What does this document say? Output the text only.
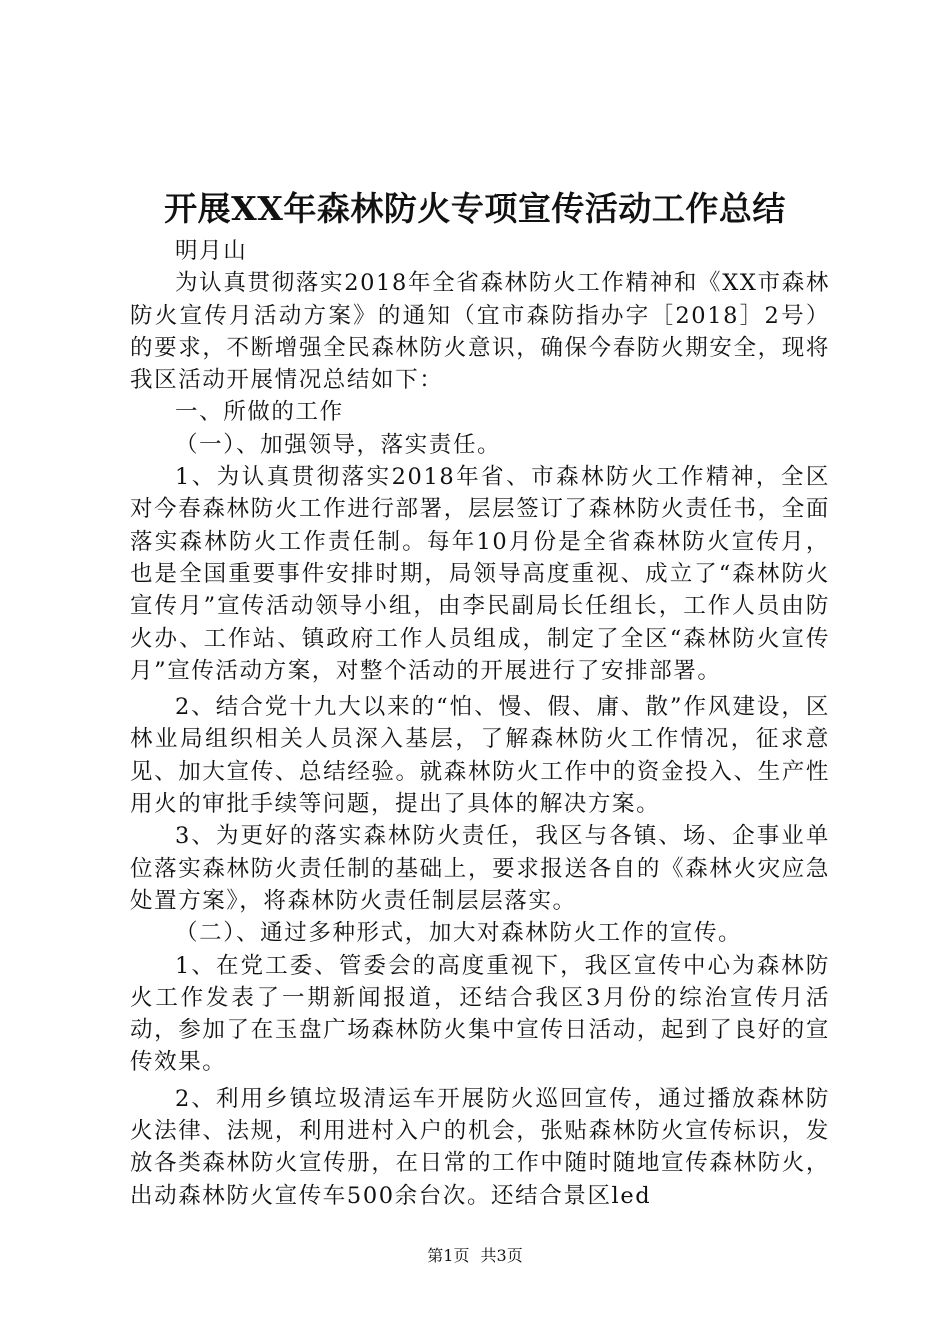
开展XX年森林防火专项宣传活动工作总结

明月山

为认真贯彻落实2018年全省森林防火工作精神和《XX市森林防火宣传月活动方案》的通知（宜市森防指办字［2018］2号）的要求，不断增强全民森林防火意识，确保今春防火期安全，现将我区活动开展情况总结如下：

一、所做的工作

（一）、加强领导，落实责任。

1、为认真贯彻落实2018年省、市森林防火工作精神，全区对今春森林防火工作进行部署，层层签订了森林防火责任书，全面落实森林防火工作责任制。每年10月份是全省森林防火宣传月，也是全国重要事件安排时期，局领导高度重视、成立了“森林防火宣传月”宣传活动领导小组，由李民副局长任组长，工作人员由防火办、工作站、镇政府工作人员组成，制定了全区“森林防火宣传月”宣传活动方案，对整个活动的开展进行了安排部署。

2、结合党十九大以来的“怕、慢、假、庸、散”作风建设，区林业局组织相关人员深入基层，了解森林防火工作情况，征求意见、加大宣传、总结经验。就森林防火工作中的资金投入、生产性用火的审批手续等问题，提出了具体的解决方案。

3、为更好的落实森林防火责任，我区与各镇、场、企事业单位落实森林防火责任制的基础上，要求报送各自的《森林火灾应急处置方案》，将森林防火责任制层层落实。

（二）、通过多种形式，加大对森林防火工作的宣传。

1、在党工委、管委会的高度重视下，我区宣传中心为森林防火工作发表了一期新闻报道，还结合我区3月份的综治宣传月活动，参加了在玉盘广场森林防火集中宣传日活动，起到了良好的宣传效果。

2、利用乡镇垃圾清运车开展防火巡回宣传，通过播放森林防火法律、法规，利用进村入户的机会，张贴森林防火宣传标识，发放各类森林防火宣传册，在日常的工作中随时随地宣传森林防火，出动森林防火宣传车500余台次。还结合景区led

第1页 共3页
